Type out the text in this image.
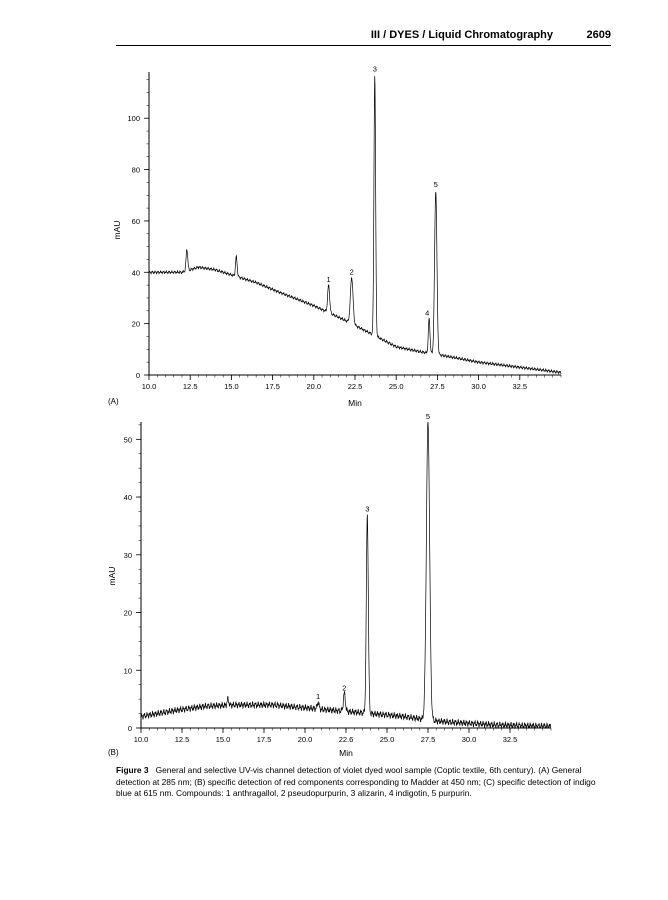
III / DYES / Liquid Chromatography	2609
0
20
40
60
80
100
10.0	12.5	15.0	17.5	20.0	22.5	25.0	27.5	30.0	32.5
Min
mAU
(A)
1
2
3
4
5
0
10
20
30
40
50
10.0	12.5	15.0	17.5	20.0	22.6	25.0	27.5	30.0	32.5
Min
mAU
(B)
1
2
3
5
Figure 3 General and selective UV-vis channel detection of violet dyed wool sample (Coptic textile, 6th century). (A) General detection at 285 nm; (B) specific detection of red components corresponding to Madder at 450 nm; (C) specific detection of indigo blue at 615 nm. Compounds: 1 anthragallol, 2 pseudopurpurin, 3 alizarin, 4 indigotin, 5 purpurin.
